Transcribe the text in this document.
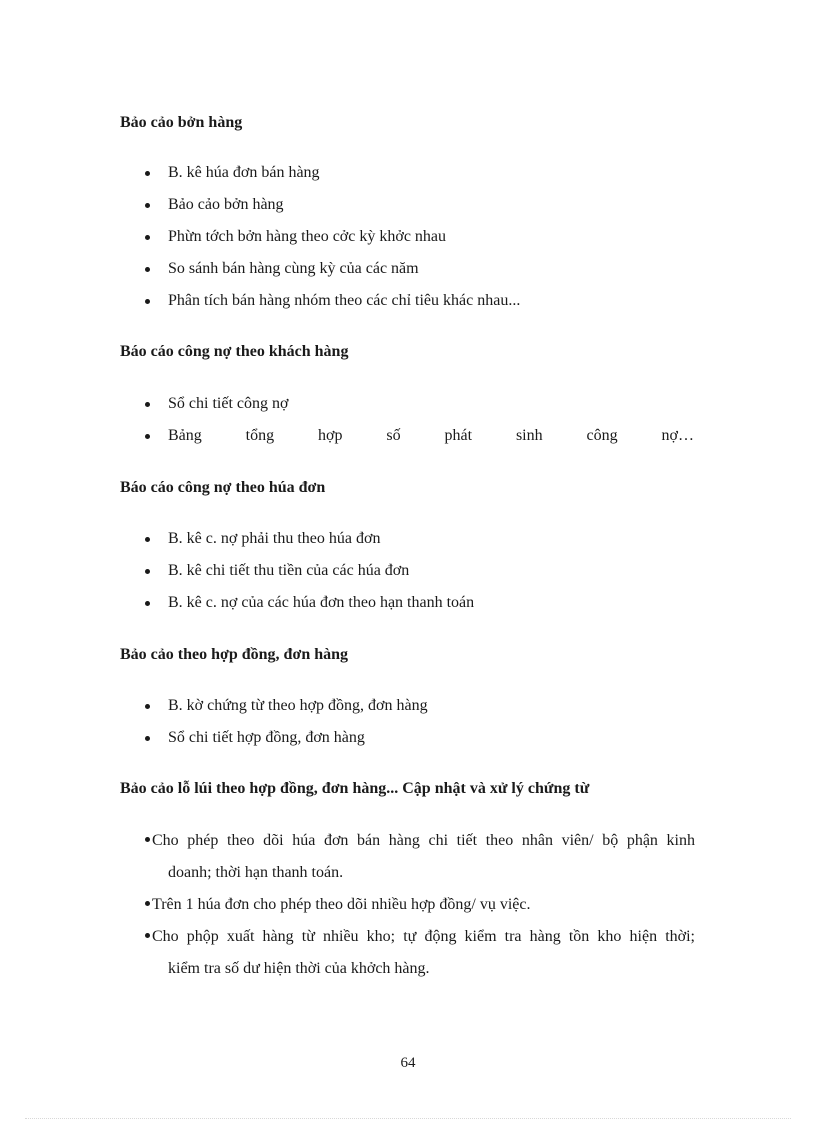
Bảo cảo bởn hàng
B. kê húa đơn bán hàng
Bảo cảo bởn hàng
Phừn tớch bởn hàng theo cởc kỳ khởc nhau
So sánh bán hàng cùng kỳ của các năm
Phân tích bán hàng nhóm theo các chỉ tiêu khác nhau...
Báo cáo công nợ theo khách hàng
Sổ chi tiết công nợ
Bảng	tổng	hợp	số	phát	sinh	công	nợ…
Báo cáo công nợ theo húa đơn
B. kê c. nợ phải thu theo húa đơn
B. kê chi tiết thu tiền của các húa đơn
B. kê c. nợ của các húa đơn theo hạn thanh toán
Bảo cảo theo hợp đồng, đơn hàng
B. kờ chứng từ theo hợp đồng, đơn hàng
Sổ chi tiết hợp đồng, đơn hàng
Bảo cảo lỗ lúi theo hợp đồng, đơn hàng... Cập nhật và xử lý chứng từ
Cho phép theo dõi húa đơn bán hàng chi tiết theo nhân viên/ bộ phận kinh
doanh; thời hạn thanh toán.
Trên 1 húa đơn cho phép theo dõi nhiều hợp đồng/ vụ việc.
Cho phộp xuất hàng từ nhiều kho; tự động kiểm tra hàng tồn kho hiện thời;
kiểm tra số dư hiện thời của khởch hàng.
64
